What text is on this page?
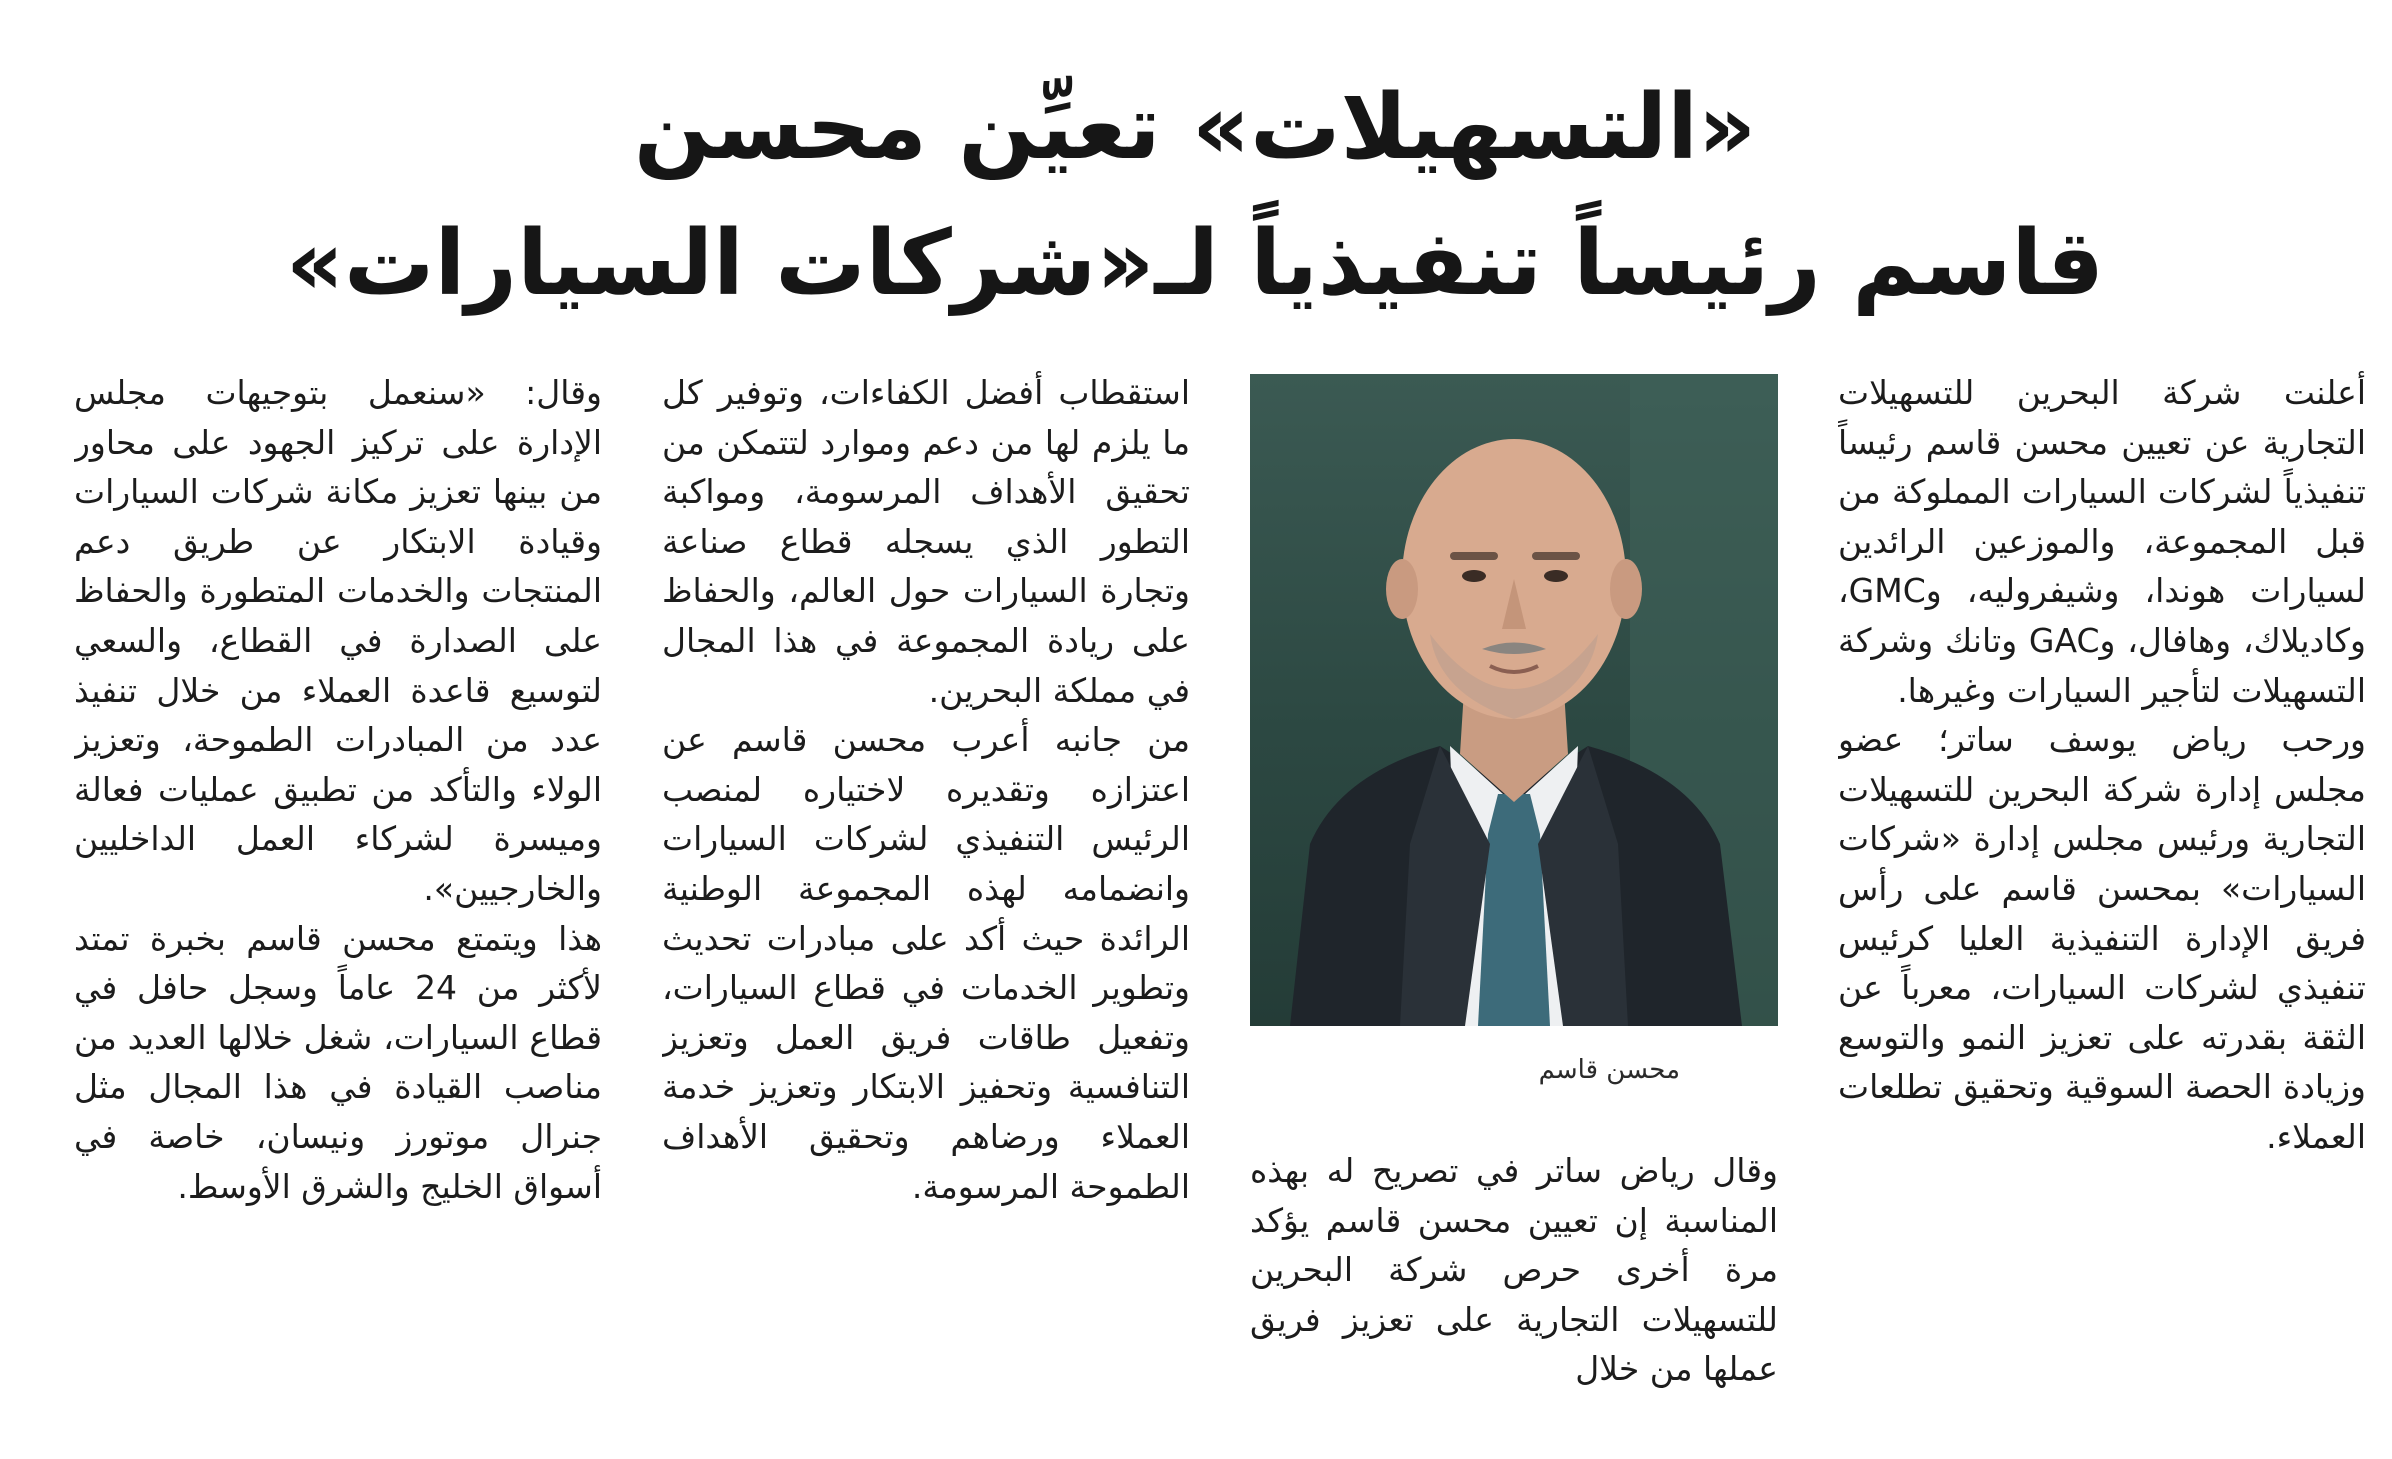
«التسهيلات» تعيِّن محسن
قاسم رئيساً تنفيذياً لـ«شركات السيارات»

أعلنت شركة البحرين للتسهيلات التجارية عن تعيين محسن قاسم رئيساً تنفيذياً لشركات السيارات المملوكة من قبل المجموعة، والموزعين الرائدين لسيارات هوندا، وشيفروليه، وGMC، وكاديلاك، وهافال، وGAC وتانك وشركة التسهيلات لتأجير السيارات وغيرها.

ورحب رياض يوسف ساتر؛ عضو مجلس إدارة شركة البحرين للتسهيلات التجارية ورئيس مجلس إدارة «شركات السيارات» بمحسن قاسم على رأس فريق الإدارة التنفيذية العليا كرئيس تنفيذي لشركات السيارات، معرباً عن الثقة بقدرته على تعزيز النمو والتوسع وزيادة الحصة السوقية وتحقيق تطلعات العملاء.

محسن قاسم

وقال رياض ساتر في تصريح له بهذه المناسبة إن تعيين محسن قاسم يؤكد مرة أخرى حرص شركة البحرين للتسهيلات التجارية على تعزيز فريق عملها من خلال

استقطاب أفضل الكفاءات، وتوفير كل ما يلزم لها من دعم وموارد لتتمكن من تحقيق الأهداف المرسومة، ومواكبة التطور الذي يسجله قطاع صناعة وتجارة السيارات حول العالم، والحفاظ على ريادة المجموعة في هذا المجال في مملكة البحرين.

من جانبه أعرب محسن قاسم عن اعتزازه وتقديره لاختياره لمنصب الرئيس التنفيذي لشركات السيارات وانضمامه لهذه المجموعة الوطنية الرائدة حيث أكد على مبادرات تحديث وتطوير الخدمات في قطاع السيارات، وتفعيل طاقات فريق العمل وتعزيز التنافسية وتحفيز الابتكار وتعزيز خدمة العملاء ورضاهم وتحقيق الأهداف الطموحة المرسومة.

وقال: «سنعمل بتوجيهات مجلس الإدارة على تركيز الجهود على محاور من بينها تعزيز مكانة شركات السيارات وقيادة الابتكار عن طريق دعم المنتجات والخدمات المتطورة والحفاظ على الصدارة في القطاع، والسعي لتوسيع قاعدة العملاء من خلال تنفيذ عدد من المبادرات الطموحة، وتعزيز الولاء والتأكد من تطبيق عمليات فعالة وميسرة لشركاء العمل الداخليين والخارجيين».

هذا ويتمتع محسن قاسم بخبرة تمتد لأكثر من 24 عاماً وسجل حافل في قطاع السيارات، شغل خلالها العديد من مناصب القيادة في هذا المجال مثل جنرال موتورز ونيسان، خاصة في أسواق الخليج والشرق الأوسط.
